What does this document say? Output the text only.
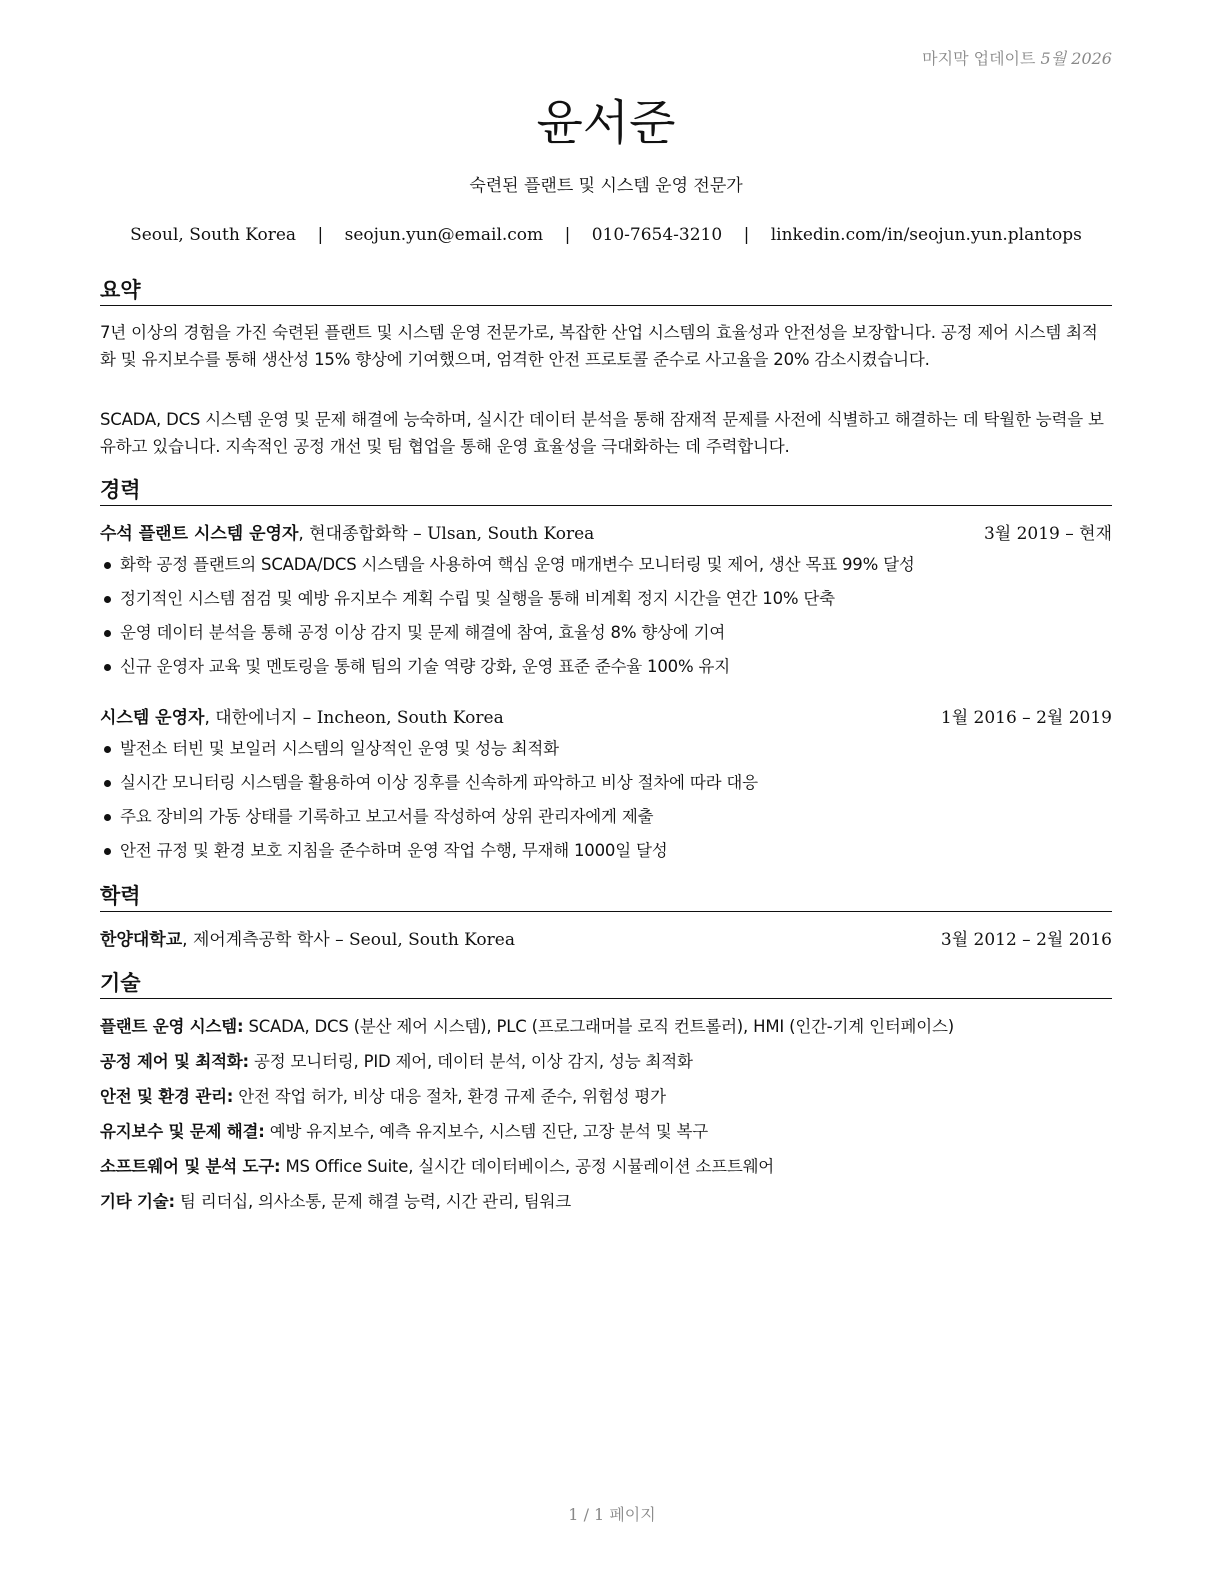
마지막 업데이트 5월 2026
윤서준
숙련된 플랜트 및 시스템 운영 전문가
Seoul, South Korea | seojun.yun@email.com | 010-7654-3210 | linkedin.com/in/seojun.yun.plantops
요약
7년 이상의 경험을 가진 숙련된 플랜트 및 시스템 운영 전문가로, 복잡한 산업 시스템의 효율성과 안전성을 보장합니다. 공정 제어 시스템 최적화 및 유지보수를 통해 생산성 15% 향상에 기여했으며, 엄격한 안전 프로토콜 준수로 사고율을 20% 감소시켰습니다.
SCADA, DCS 시스템 운영 및 문제 해결에 능숙하며, 실시간 데이터 분석을 통해 잠재적 문제를 사전에 식별하고 해결하는 데 탁월한 능력을 보유하고 있습니다. 지속적인 공정 개선 및 팀 협업을 통해 운영 효율성을 극대화하는 데 주력합니다.
경력
수석 플랜트 시스템 운영자, 현대종합화학 – Ulsan, South Korea	3월 2019 – 현재
화학 공정 플랜트의 SCADA/DCS 시스템을 사용하여 핵심 운영 매개변수 모니터링 및 제어, 생산 목표 99% 달성
정기적인 시스템 점검 및 예방 유지보수 계획 수립 및 실행을 통해 비계획 정지 시간을 연간 10% 단축
운영 데이터 분석을 통해 공정 이상 감지 및 문제 해결에 참여, 효율성 8% 향상에 기여
신규 운영자 교육 및 멘토링을 통해 팀의 기술 역량 강화, 운영 표준 준수율 100% 유지
시스템 운영자, 대한에너지 – Incheon, South Korea	1월 2016 – 2월 2019
발전소 터빈 및 보일러 시스템의 일상적인 운영 및 성능 최적화
실시간 모니터링 시스템을 활용하여 이상 징후를 신속하게 파악하고 비상 절차에 따라 대응
주요 장비의 가동 상태를 기록하고 보고서를 작성하여 상위 관리자에게 제출
안전 규정 및 환경 보호 지침을 준수하며 운영 작업 수행, 무재해 1000일 달성
학력
한양대학교, 제어계측공학 학사 – Seoul, South Korea	3월 2012 – 2월 2016
기술
플랜트 운영 시스템: SCADA, DCS (분산 제어 시스템), PLC (프로그래머블 로직 컨트롤러), HMI (인간-기계 인터페이스)
공정 제어 및 최적화: 공정 모니터링, PID 제어, 데이터 분석, 이상 감지, 성능 최적화
안전 및 환경 관리: 안전 작업 허가, 비상 대응 절차, 환경 규제 준수, 위험성 평가
유지보수 및 문제 해결: 예방 유지보수, 예측 유지보수, 시스템 진단, 고장 분석 및 복구
소프트웨어 및 분석 도구: MS Office Suite, 실시간 데이터베이스, 공정 시뮬레이션 소프트웨어
기타 기술: 팀 리더십, 의사소통, 문제 해결 능력, 시간 관리, 팀워크
1 / 1 페이지
